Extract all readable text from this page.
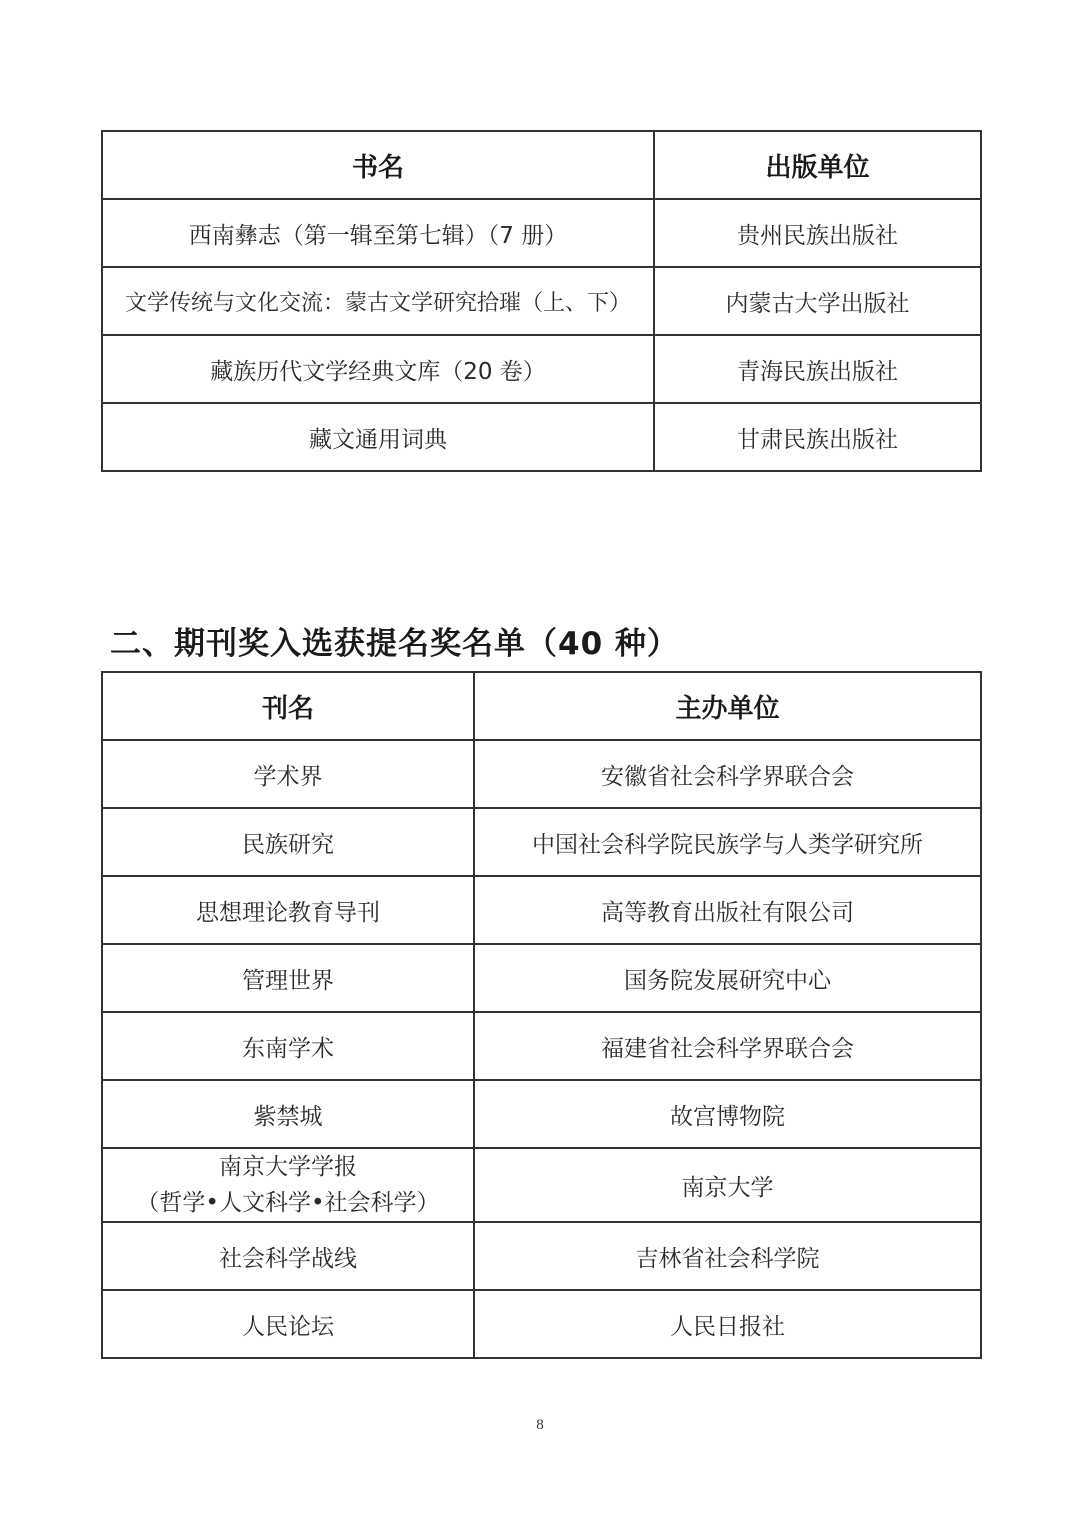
书名	出版单位
西南彝志（第一辑至第七辑）（7 册）	贵州民族出版社
文学传统与文化交流：蒙古文学研究拾璀（上、下）	内蒙古大学出版社
藏族历代文学经典文库（20 卷）	青海民族出版社
藏文通用词典	甘肃民族出版社
二、期刊奖入选获提名奖名单（40 种）
刊名	主办单位
学术界	安徽省社会科学界联合会
民族研究	中国社会科学院民族学与人类学研究所
思想理论教育导刊	高等教育出版社有限公司
管理世界	国务院发展研究中心
东南学术	福建省社会科学界联合会
紫禁城	故宫博物院

南京大学学报
（哲学•人文科学•社会科学）	南京大学
社会科学战线	吉林省社会科学院
人民论坛	人民日报社
8
